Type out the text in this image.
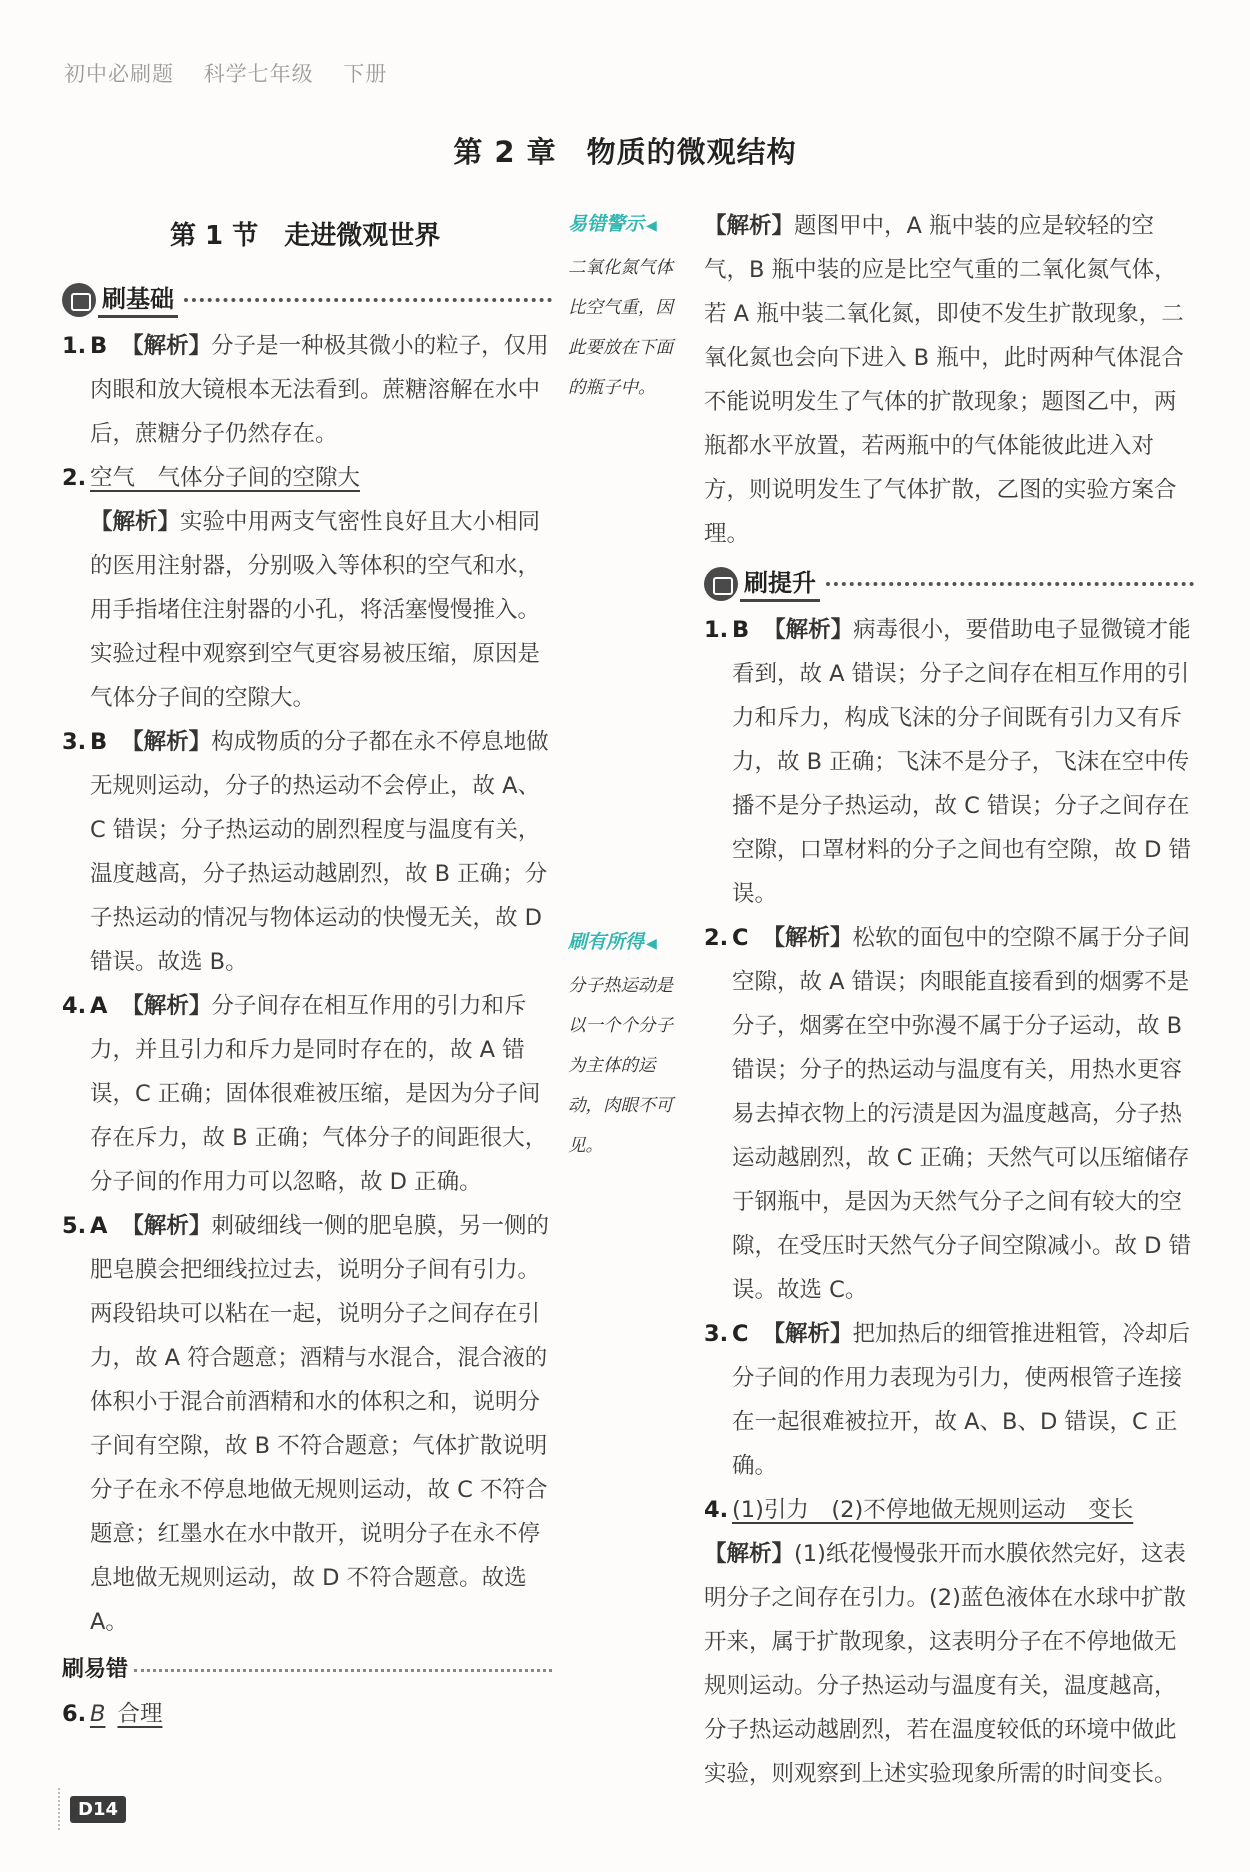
初中必刷题 科学七年级 下册
第 2 章　物质的微观结构
第 1 节　走进微观世界
刷基础

1. B 【解析】分子是一种极其微小的粒子，仅用肉眼和放大镜根本无法看到。蔗糖溶解在水中后，蔗糖分子仍然存在。

2. 空气　气体分子间的空隙大

【解析】实验中用两支气密性良好且大小相同的医用注射器，分别吸入等体积的空气和水，用手指堵住注射器的小孔，将活塞慢慢推入。实验过程中观察到空气更容易被压缩，原因是气体分子间的空隙大。

3. B 【解析】构成物质的分子都在永不停息地做无规则运动，分子的热运动不会停止，故 A、C 错误；分子热运动的剧烈程度与温度有关，温度越高，分子热运动越剧烈，故 B 正确；分子热运动的情况与物体运动的快慢无关，故 D 错误。故选 B。

4. A 【解析】分子间存在相互作用的引力和斥力，并且引力和斥力是同时存在的，故 A 错误，C 正确；固体很难被压缩，是因为分子间存在斥力，故 B 正确；气体分子的间距很大，分子间的作用力可以忽略，故 D 正确。

5. A 【解析】刺破细线一侧的肥皂膜，另一侧的肥皂膜会把细线拉过去，说明分子间有引力。两段铅块可以粘在一起，说明分子之间存在引力，故 A 符合题意；酒精与水混合，混合液的体积小于混合前酒精和水的体积之和，说明分子间有空隙，故 B 不符合题意；气体扩散说明分子在永不停息地做无规则运动，故 C 不符合题意；红墨水在水中散开，说明分子在永不停息地做无规则运动，故 D 不符合题意。故选 A。

刷易错

6. B 合理

易错警示 ◀
二氧化氮气体比空气重，因此要放在下面的瓶子中。
刷有所得 ◀
分子热运动是以一个个分子为主体的运动，肉眼不可见。

【解析】题图甲中，A 瓶中装的应是较轻的空气，B 瓶中装的应是比空气重的二氧化氮气体，若 A 瓶中装二氧化氮，即使不发生扩散现象，二氧化氮也会向下进入 B 瓶中，此时两种气体混合不能说明发生了气体的扩散现象；题图乙中，两瓶都水平放置，若两瓶中的气体能彼此进入对方，则说明发生了气体扩散，乙图的实验方案合理。

刷提升

1. B 【解析】病毒很小，要借助电子显微镜才能看到，故 A 错误；分子之间存在相互作用的引力和斥力，构成飞沫的分子间既有引力又有斥力，故 B 正确；飞沫不是分子，飞沫在空中传播不是分子热运动，故 C 错误；分子之间存在空隙，口罩材料的分子之间也有空隙，故 D 错误。

2. C 【解析】松软的面包中的空隙不属于分子间空隙，故 A 错误；肉眼能直接看到的烟雾不是分子，烟雾在空中弥漫不属于分子运动，故 B 错误；分子的热运动与温度有关，用热水更容易去掉衣物上的污渍是因为温度越高，分子热运动越剧烈，故 C 正确；天然气可以压缩储存于钢瓶中，是因为天然气分子之间有较大的空隙，在受压时天然气分子间空隙减小。故 D 错误。故选 C。

3. C 【解析】把加热后的细管推进粗管，冷却后分子间的作用力表现为引力，使两根管子连接在一起很难被拉开，故 A、B、D 错误，C 正确。

4. (1)引力　(2)不停地做无规则运动　变长

【解析】(1)纸花慢慢张开而水膜依然完好，这表明分子之间存在引力。(2)蓝色液体在水球中扩散开来，属于扩散现象，这表明分子在不停地做无规则运动。分子热运动与温度有关，温度越高，分子热运动越剧烈，若在温度较低的环境中做此实验，则观察到上述实验现象所需的时间变长。

D14
